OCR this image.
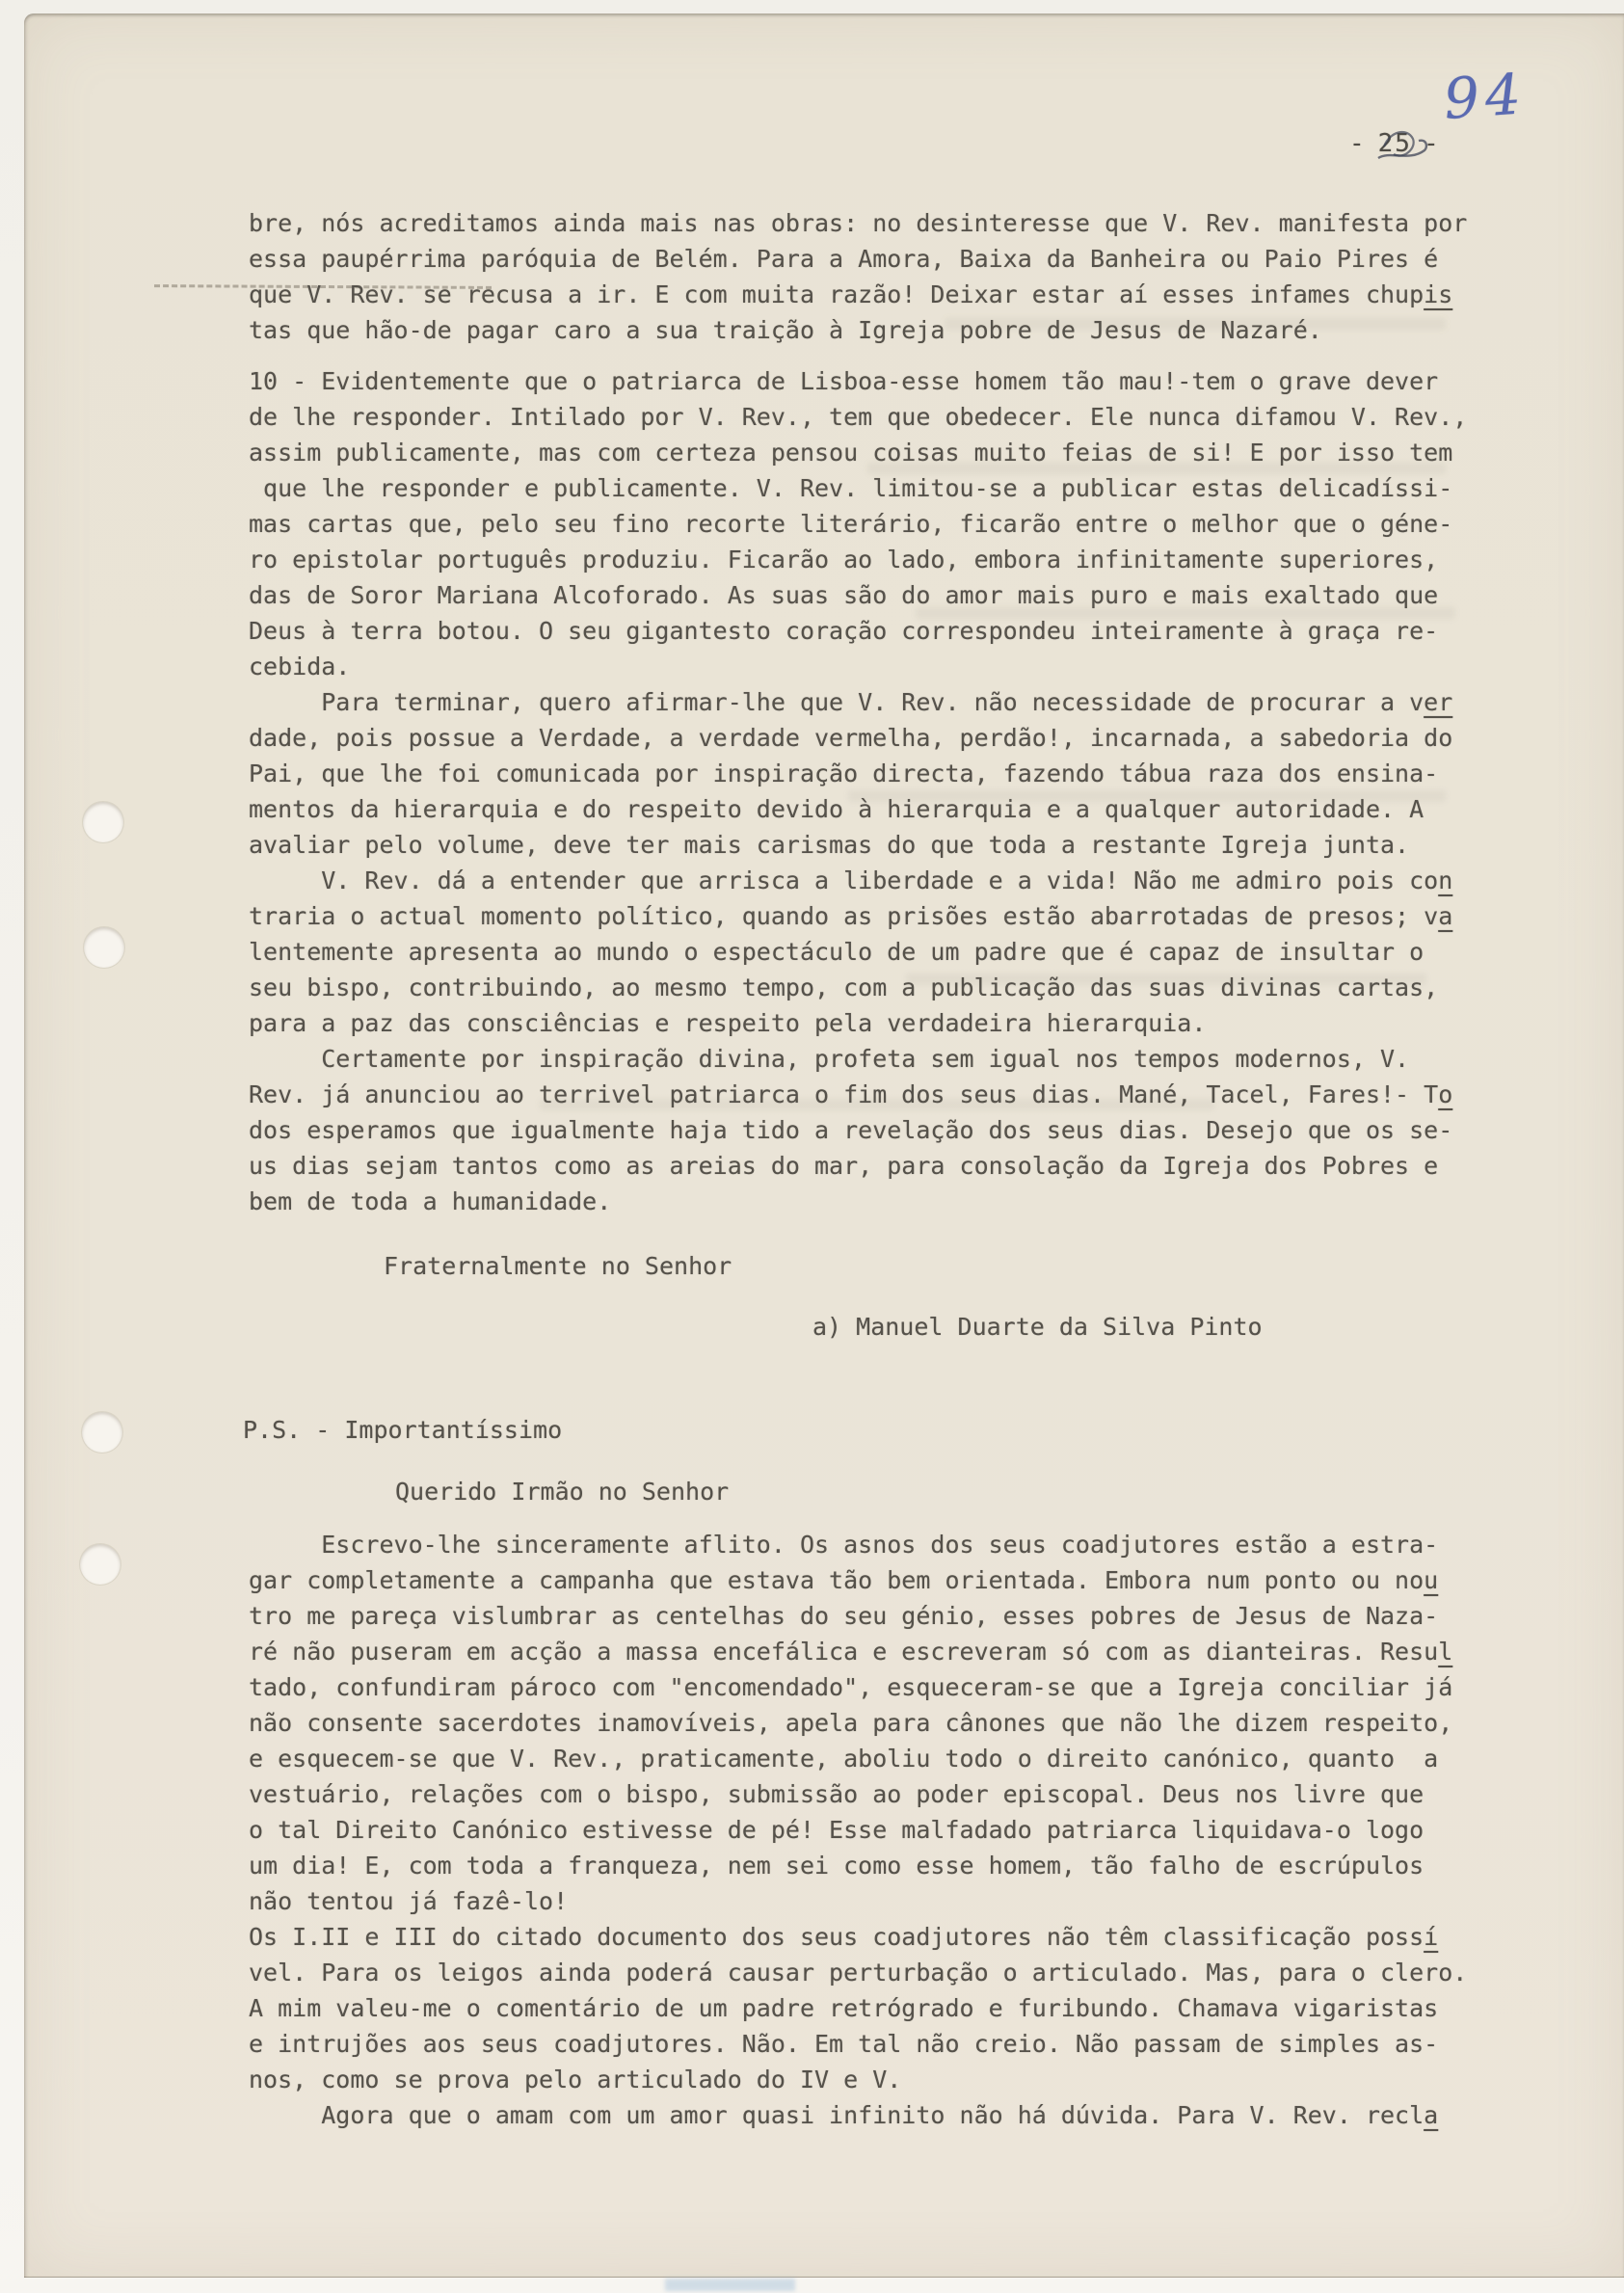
94
- 25 -
bre, nós acreditamos ainda mais nas obras: no desinteresse que V. Rev. manifesta por
essa paupérrima paróquia de Belém. Para a Amora, Baixa da Banheira ou Paio Pires é
que V. Rev. se recusa a ir. E com muita razão! Deixar estar aí esses infames chupis
tas que hão-de pagar caro a sua traição à Igreja pobre de Jesus de Nazaré.
10 - Evidentemente que o patriarca de Lisboa-esse homem tão mau!-tem o grave dever
de lhe responder. Intilado por V. Rev., tem que obedecer. Ele nunca difamou V. Rev.,
assim publicamente, mas com certeza pensou coisas muito feias de si! E por isso tem
que lhe responder e publicamente. V. Rev. limitou-se a publicar estas delicadíssi-
mas cartas que, pelo seu fino recorte literário, ficarão entre o melhor que o géne-
ro epistolar português produziu. Ficarão ao lado, embora infinitamente superiores,
das de Soror Mariana Alcoforado. As suas são do amor mais puro e mais exaltado que
Deus à terra botou. O seu gigantesto coração correspondeu inteiramente à graça re-
cebida.
Para terminar, quero afirmar-lhe que V. Rev. não necessidade de procurar a ver
dade, pois possue a Verdade, a verdade vermelha, perdão!, incarnada, a sabedoria do
Pai, que lhe foi comunicada por inspiração directa, fazendo tábua raza dos ensina-
mentos da hierarquia e do respeito devido à hierarquia e a qualquer autoridade. A
avaliar pelo volume, deve ter mais carismas do que toda a restante Igreja junta.
V. Rev. dá a entender que arrisca a liberdade e a vida! Não me admiro pois con
traria o actual momento político, quando as prisões estão abarrotadas de presos; va
lentemente apresenta ao mundo o espectáculo de um padre que é capaz de insultar o
seu bispo, contribuindo, ao mesmo tempo, com a publicação das suas divinas cartas,
para a paz das consciências e respeito pela verdadeira hierarquia.
Certamente por inspiração divina, profeta sem igual nos tempos modernos, V.
Rev. já anunciou ao terrivel patriarca o fim dos seus dias. Mané, Tacel, Fares!- To
dos esperamos que igualmente haja tido a revelação dos seus dias. Desejo que os se-
us dias sejam tantos como as areias do mar, para consolação da Igreja dos Pobres e
bem de toda a humanidade.
Fraternalmente no Senhor
a) Manuel Duarte da Silva Pinto
P.S. - Importantíssimo
Querido Irmão no Senhor
Escrevo-lhe sinceramente aflito. Os asnos dos seus coadjutores estão a estra-
gar completamente a campanha que estava tão bem orientada. Embora num ponto ou nou
tro me pareça vislumbrar as centelhas do seu génio, esses pobres de Jesus de Naza-
ré não puseram em acção a massa encefálica e escreveram só com as dianteiras. Resul
tado, confundiram pároco com "encomendado", esqueceram-se que a Igreja conciliar já
não consente sacerdotes inamovíveis, apela para cânones que não lhe dizem respeito,
e esquecem-se que V. Rev., praticamente, aboliu todo o direito canónico, quanto  a
vestuário, relações com o bispo, submissão ao poder episcopal. Deus nos livre que
o tal Direito Canónico estivesse de pé! Esse malfadado patriarca liquidava-o logo
um dia! E, com toda a franqueza, nem sei como esse homem, tão falho de escrúpulos
não tentou já fazê-lo!
Os I.II e III do citado documento dos seus coadjutores não têm classificação possí
vel. Para os leigos ainda poderá causar perturbação o articulado. Mas, para o clero.
A mim valeu-me o comentário de um padre retrógrado e furibundo. Chamava vigaristas
e intrujões aos seus coadjutores. Não. Em tal não creio. Não passam de simples as-
nos, como se prova pelo articulado do IV e V.
Agora que o amam com um amor quasi infinito não há dúvida. Para V. Rev. recla
